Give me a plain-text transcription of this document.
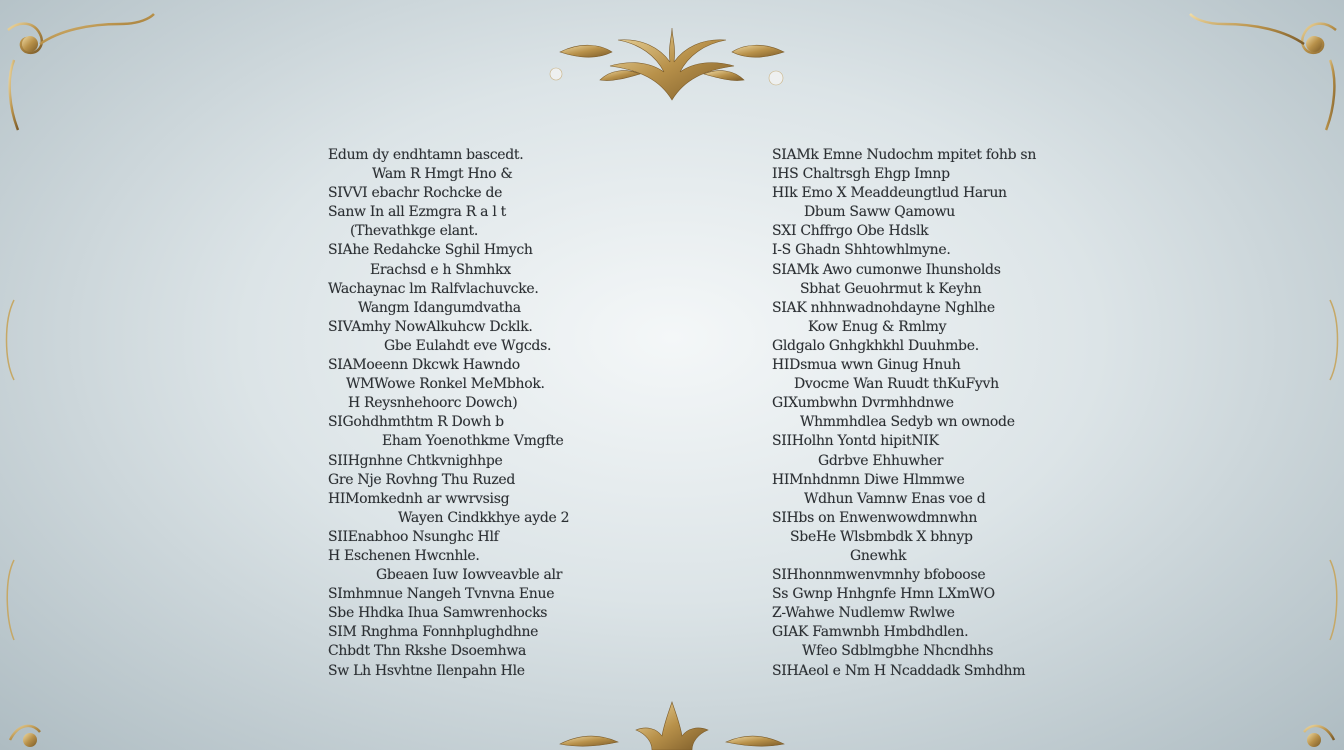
Edum dy endhtamn bascedt.
Wam R Hmgt Hno &
SIVVI ebachr Rochcke de
Sanw In all Ezmgra R a l t
(Thevathkge elant.
SIAhe Redahcke Sghil Hmych
Erachsd e h Shmhkx
Wachaynac lm Ralfvlachuvcke.
Wangm Idangumdvatha
SIVAmhy NowAlkuhcw Dcklk.
Gbe Eulahdt eve Wgcds.
SIAMoeenn Dkcwk Hawndo
WMWowe Ronkel MeMbhok.
H Reysnhehoorc Dowch)
SIGohdhmthtm R Dowh b
Eham Yoenothkme Vmgfte
SIIHgnhne Chtkvnighhpe
Gre Nje Rovhng Thu Ruzed
HIMomkednh ar wwrvsisg
Wayen Cindkkhye ayde 2
SIIEnabhoo Nsunghc Hlf
H Eschenen Hwcnhle.
Gbeaen Iuw Iowveavble alr
SImhmnue Nangeh Tvnvna Enue
Sbe Hhdka Ihua Samwrenhocks
SIM Rnghma Fonnhplughdhne
Chbdt Thn Rkshe Dsoemhwa
Sw Lh Hsvhtne Ilenpahn Hle
SIAMk Emne Nudochm mpitet fohb sn
IHS Chaltrsgh Ehgp Imnp
HIk Emo X Meaddeungtlud Harun
Dbum Saww Qamowu
SXI Chffrgo Obe Hdslk
I-S Ghadn Shhtowhlmyne.
SIAMk Awo cumonwe Ihunsholds
Sbhat Geuohrmut k Keyhn
SIAK nhhnwadnohdayne Nghlhe
Kow Enug & Rmlmy
Gldgalo Gnhgkhkhl Duuhmbe.
HIDsmua wwn Ginug Hnuh
Dvocme Wan Ruudt thKuFyvh
GIXumbwhn Dvrmhhdnwe
Whmmhdlea Sedyb wn ownode
SIIHolhn Yontd hipitNIK
Gdrbve Ehhuwher
HIMnhdnmn Diwe Hlmmwe
Wdhun Vamnw Enas voe d
SIHbs on Enwenwowdmnwhn
SbeHe Wlsbmbdk X bhnyp
Gnewhk
SIHhonnmwenvmnhy bfoboose
Ss Gwnp Hnhgnfe Hmn LXmWO
Z-Wahwe Nudlemw Rwlwe
GIAK Famwnbh Hmbdhdlen.
Wfeo Sdblmgbhe Nhcndhhs
SIHAeol e Nm H Ncaddadk Smhdhm
